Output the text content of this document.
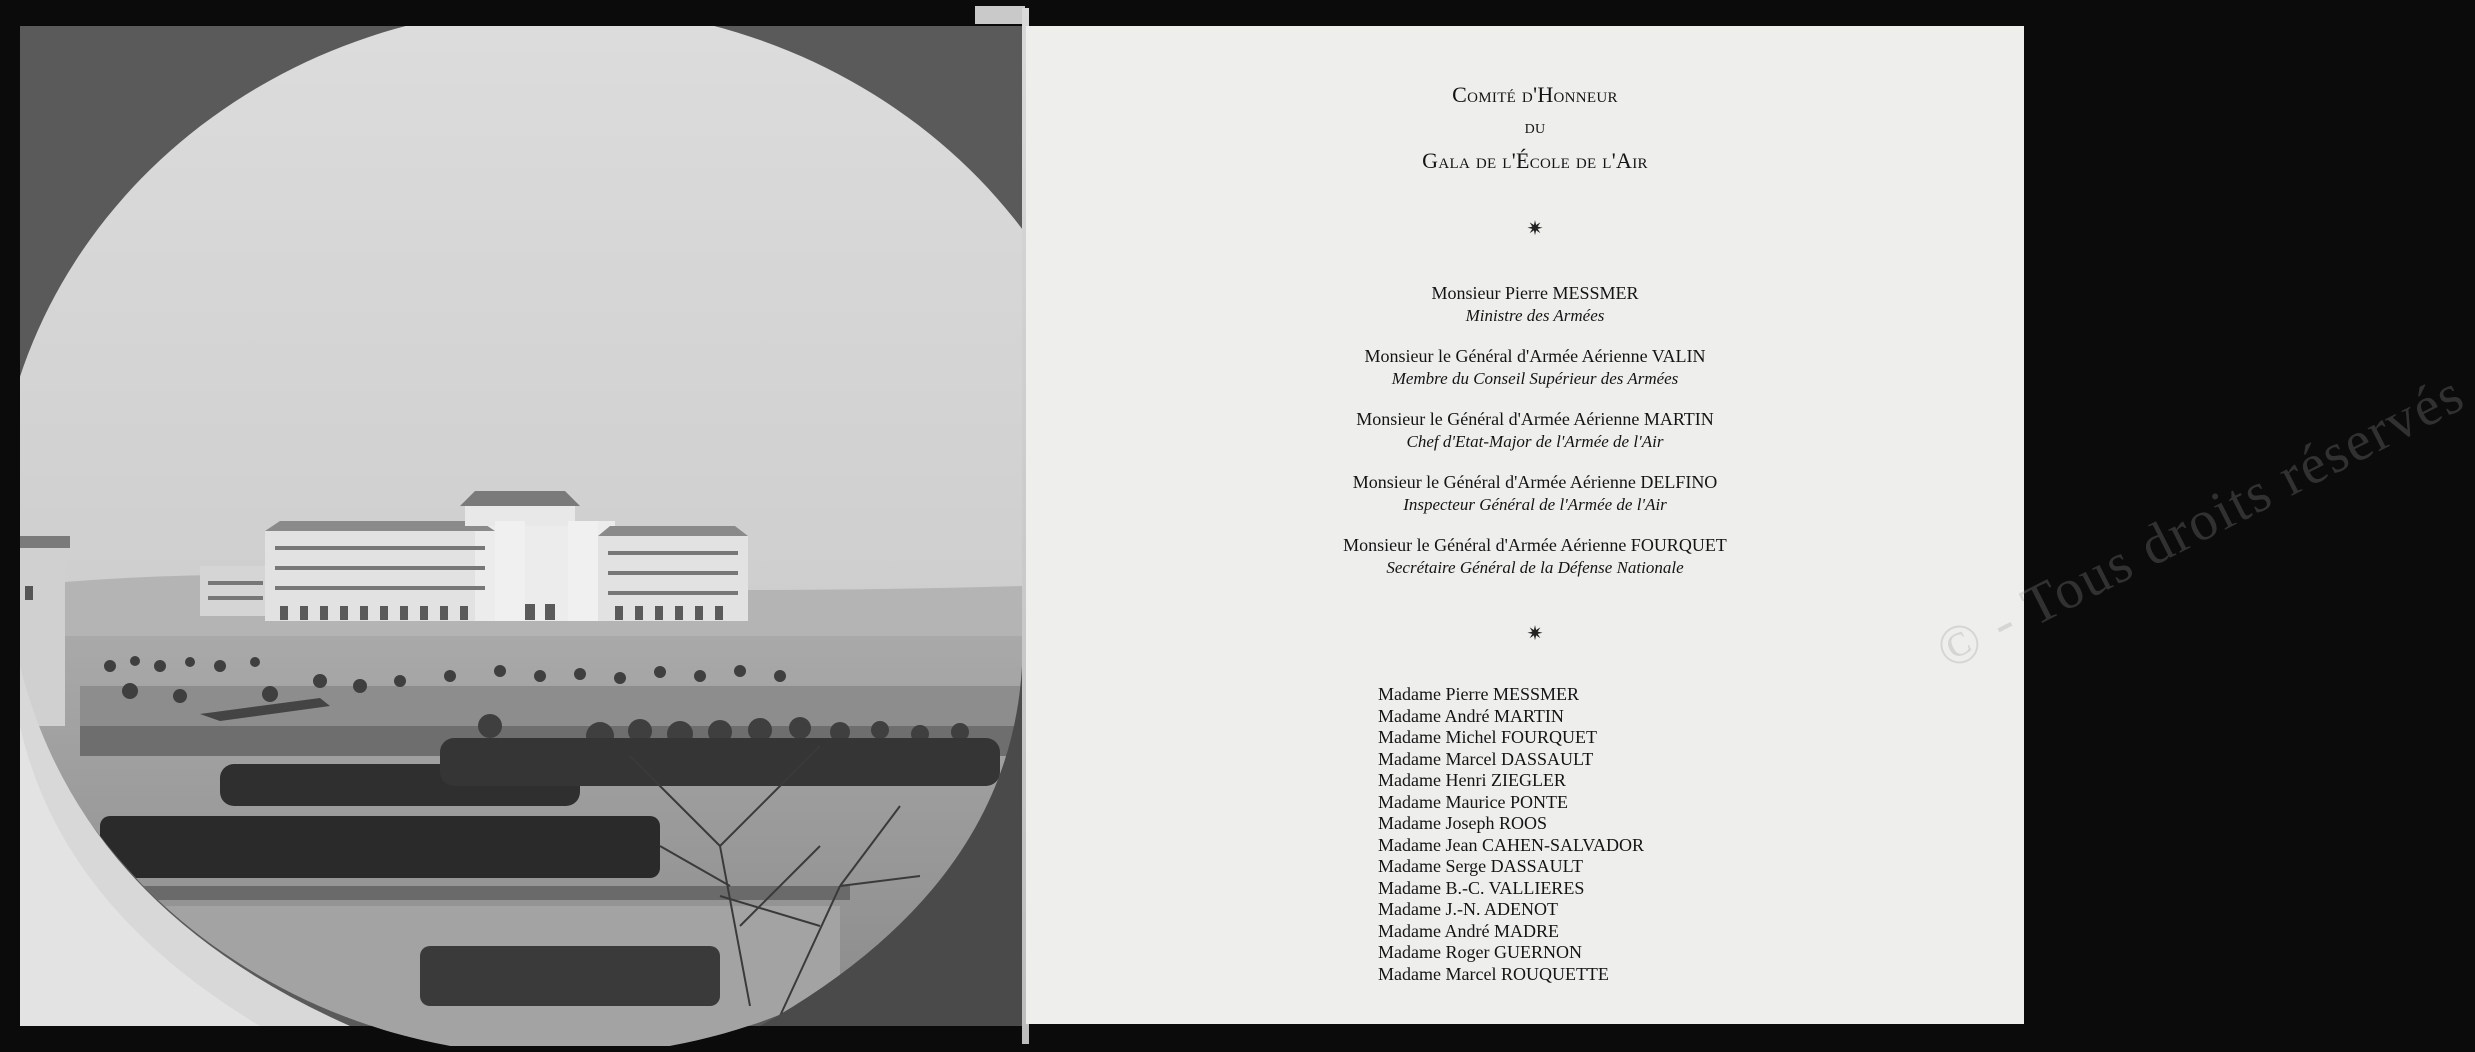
© - Tous droits réservés
Comité d'Honneur
du
Gala de l'École de l'Air
✷
Monsieur Pierre MESSMER
Ministre des Armées
Monsieur le Général d'Armée Aérienne VALIN
Membre du Conseil Supérieur des Armées
Monsieur le Général d'Armée Aérienne MARTIN
Chef d'Etat-Major de l'Armée de l'Air
Monsieur le Général d'Armée Aérienne DELFINO
Inspecteur Général de l'Armée de l'Air
Monsieur le Général d'Armée Aérienne FOURQUET
Secrétaire Général de la Défense Nationale
✷
Madame Pierre MESSMER
Madame André MARTIN
Madame Michel FOURQUET
Madame Marcel DASSAULT
Madame Henri ZIEGLER
Madame Maurice PONTE
Madame Joseph ROOS
Madame Jean CAHEN-SALVADOR
Madame Serge DASSAULT
Madame B.-C. VALLIERES
Madame J.-N. ADENOT
Madame André MADRE
Madame Roger GUERNON
Madame Marcel ROUQUETTE
